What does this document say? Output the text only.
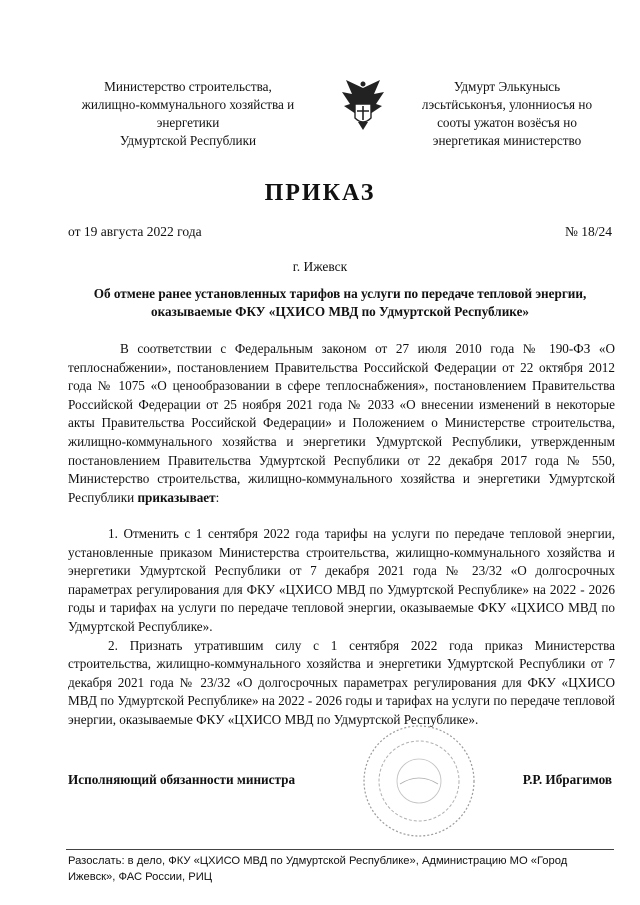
Министерство строительства,
жилищно-коммунального хозяйства и
энергетики
Удмуртской Республики
Удмурт Элькунысь
лэсьтӥськонъя, улонниосъя но
сооты ужатон возёсъя но
энергетикая министерство
ПРИКАЗ
от 19 августа 2022 года	№ 18/24
г. Ижевск
Об отмене ранее установленных тарифов на услуги по передаче тепловой энергии,
оказываемые ФКУ «ЦХИСО МВД по Удмуртской Республике»

В соответствии с Федеральным законом от 27 июля 2010 года № 190-ФЗ «О теплоснабжении», постановлением Правительства Российской Федерации от 22 октября 2012 года № 1075 «О ценообразовании в сфере теплоснабжения», постановлением Правительства Российской Федерации от 25 ноября 2021 года № 2033 «О внесении изменений в некоторые акты Правительства Российской Федерации» и Положением о Министерстве строительства, жилищно-коммунального хозяйства и энергетики Удмуртской Республики, утвержденным постановлением Правительства Удмуртской Республики от 22 декабря 2017 года № 550, Министерство строительства, жилищно-коммунального хозяйства и энергетики Удмуртской Республики приказывает:

1. Отменить с 1 сентября 2022 года тарифы на услуги по передаче тепловой энергии, установленные приказом Министерства строительства, жилищно-коммунального хозяйства и энергетики Удмуртской Республики от 7 декабря 2021 года № 23/32 «О долгосрочных параметрах регулирования для ФКУ «ЦХИСО МВД по Удмуртской Республике» на 2022 - 2026 годы и тарифах на услуги по передаче тепловой энергии, оказываемые ФКУ «ЦХИСО МВД по Удмуртской Республике».

2. Признать утратившим силу с 1 сентября 2022 года приказ Министерства строительства, жилищно-коммунального хозяйства и энергетики Удмуртской Республики от 7 декабря 2021 года № 23/32 «О долгосрочных параметрах регулирования для ФКУ «ЦХИСО МВД по Удмуртской Республике» на 2022 - 2026 годы и тарифах на услуги по передаче тепловой энергии, оказываемые ФКУ «ЦХИСО МВД по Удмуртской Республике».

Исполняющий обязанности министра	Р.Р. Ибрагимов
Разослать: в дело, ФКУ «ЦХИСО МВД по Удмуртской Республике», Администрацию МО «Город Ижевск», ФАС России, РИЦ
